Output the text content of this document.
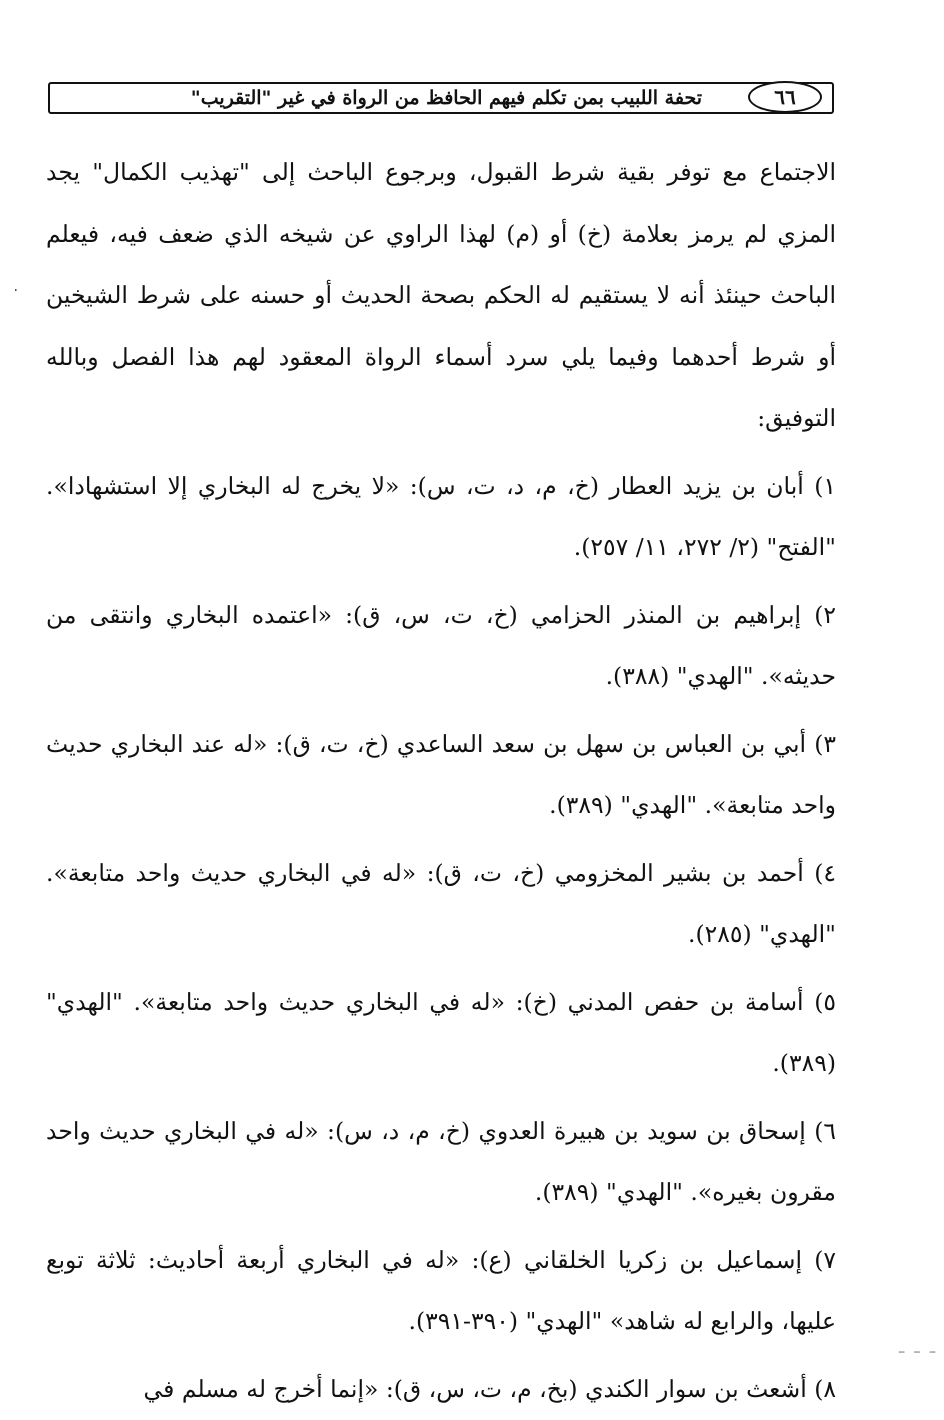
٦٦
تحفة اللبيب بمن تكلم فيهم الحافظ من الرواة في غير "التقريب"
٠

الاجتماع مع توفر بقية شرط القبول، وبرجوع الباحث إلى "تهذيب الكمال" يجد المزي لم يرمز بعلامة (خ) أو (م) لهذا الراوي عن شيخه الذي ضعف فيه، فيعلم الباحث حينئذ أنه لا يستقيم له الحكم بصحة الحديث أو حسنه على شرط الشيخين أو شرط أحدهما وفيما يلي سرد أسماء الرواة المعقود لهم هذا الفصل وبالله التوفيق:

١) أبان بن يزيد العطار (خ، م، د، ت، س): «لا يخرج له البخاري إلا استشهادا». "الفتح" (٢/ ٢٧٢، ١١/ ٢٥٧).

٢) إبراهيم بن المنذر الحزامي (خ، ت، س، ق): «اعتمده البخاري وانتقى من حديثه». "الهدي" (٣٨٨).

٣) أبي بن العباس بن سهل بن سعد الساعدي (خ، ت، ق): «له عند البخاري حديث واحد متابعة». "الهدي" (٣٨٩).

٤) أحمد بن بشير المخزومي (خ، ت، ق): «له في البخاري حديث واحد متابعة». "الهدي" (٢٨٥).

٥) أسامة بن حفص المدني (خ): «له في البخاري حديث واحد متابعة». "الهدي" (٣٨٩).

٦) إسحاق بن سويد بن هبيرة العدوي (خ، م، د، س): «له في البخاري حديث واحد مقرون بغيره». "الهدي" (٣٨٩).

٧) إسماعيل بن زكريا الخلقاني (ع): «له في البخاري أربعة أحاديث: ثلاثة توبع عليها، والرابع له شاهد» "الهدي" (٣٩٠-٣٩١).

٨) أشعث بن سوار الكندي (بخ، م، ت، س، ق): «إنما أخرج له مسلم في

– – –
